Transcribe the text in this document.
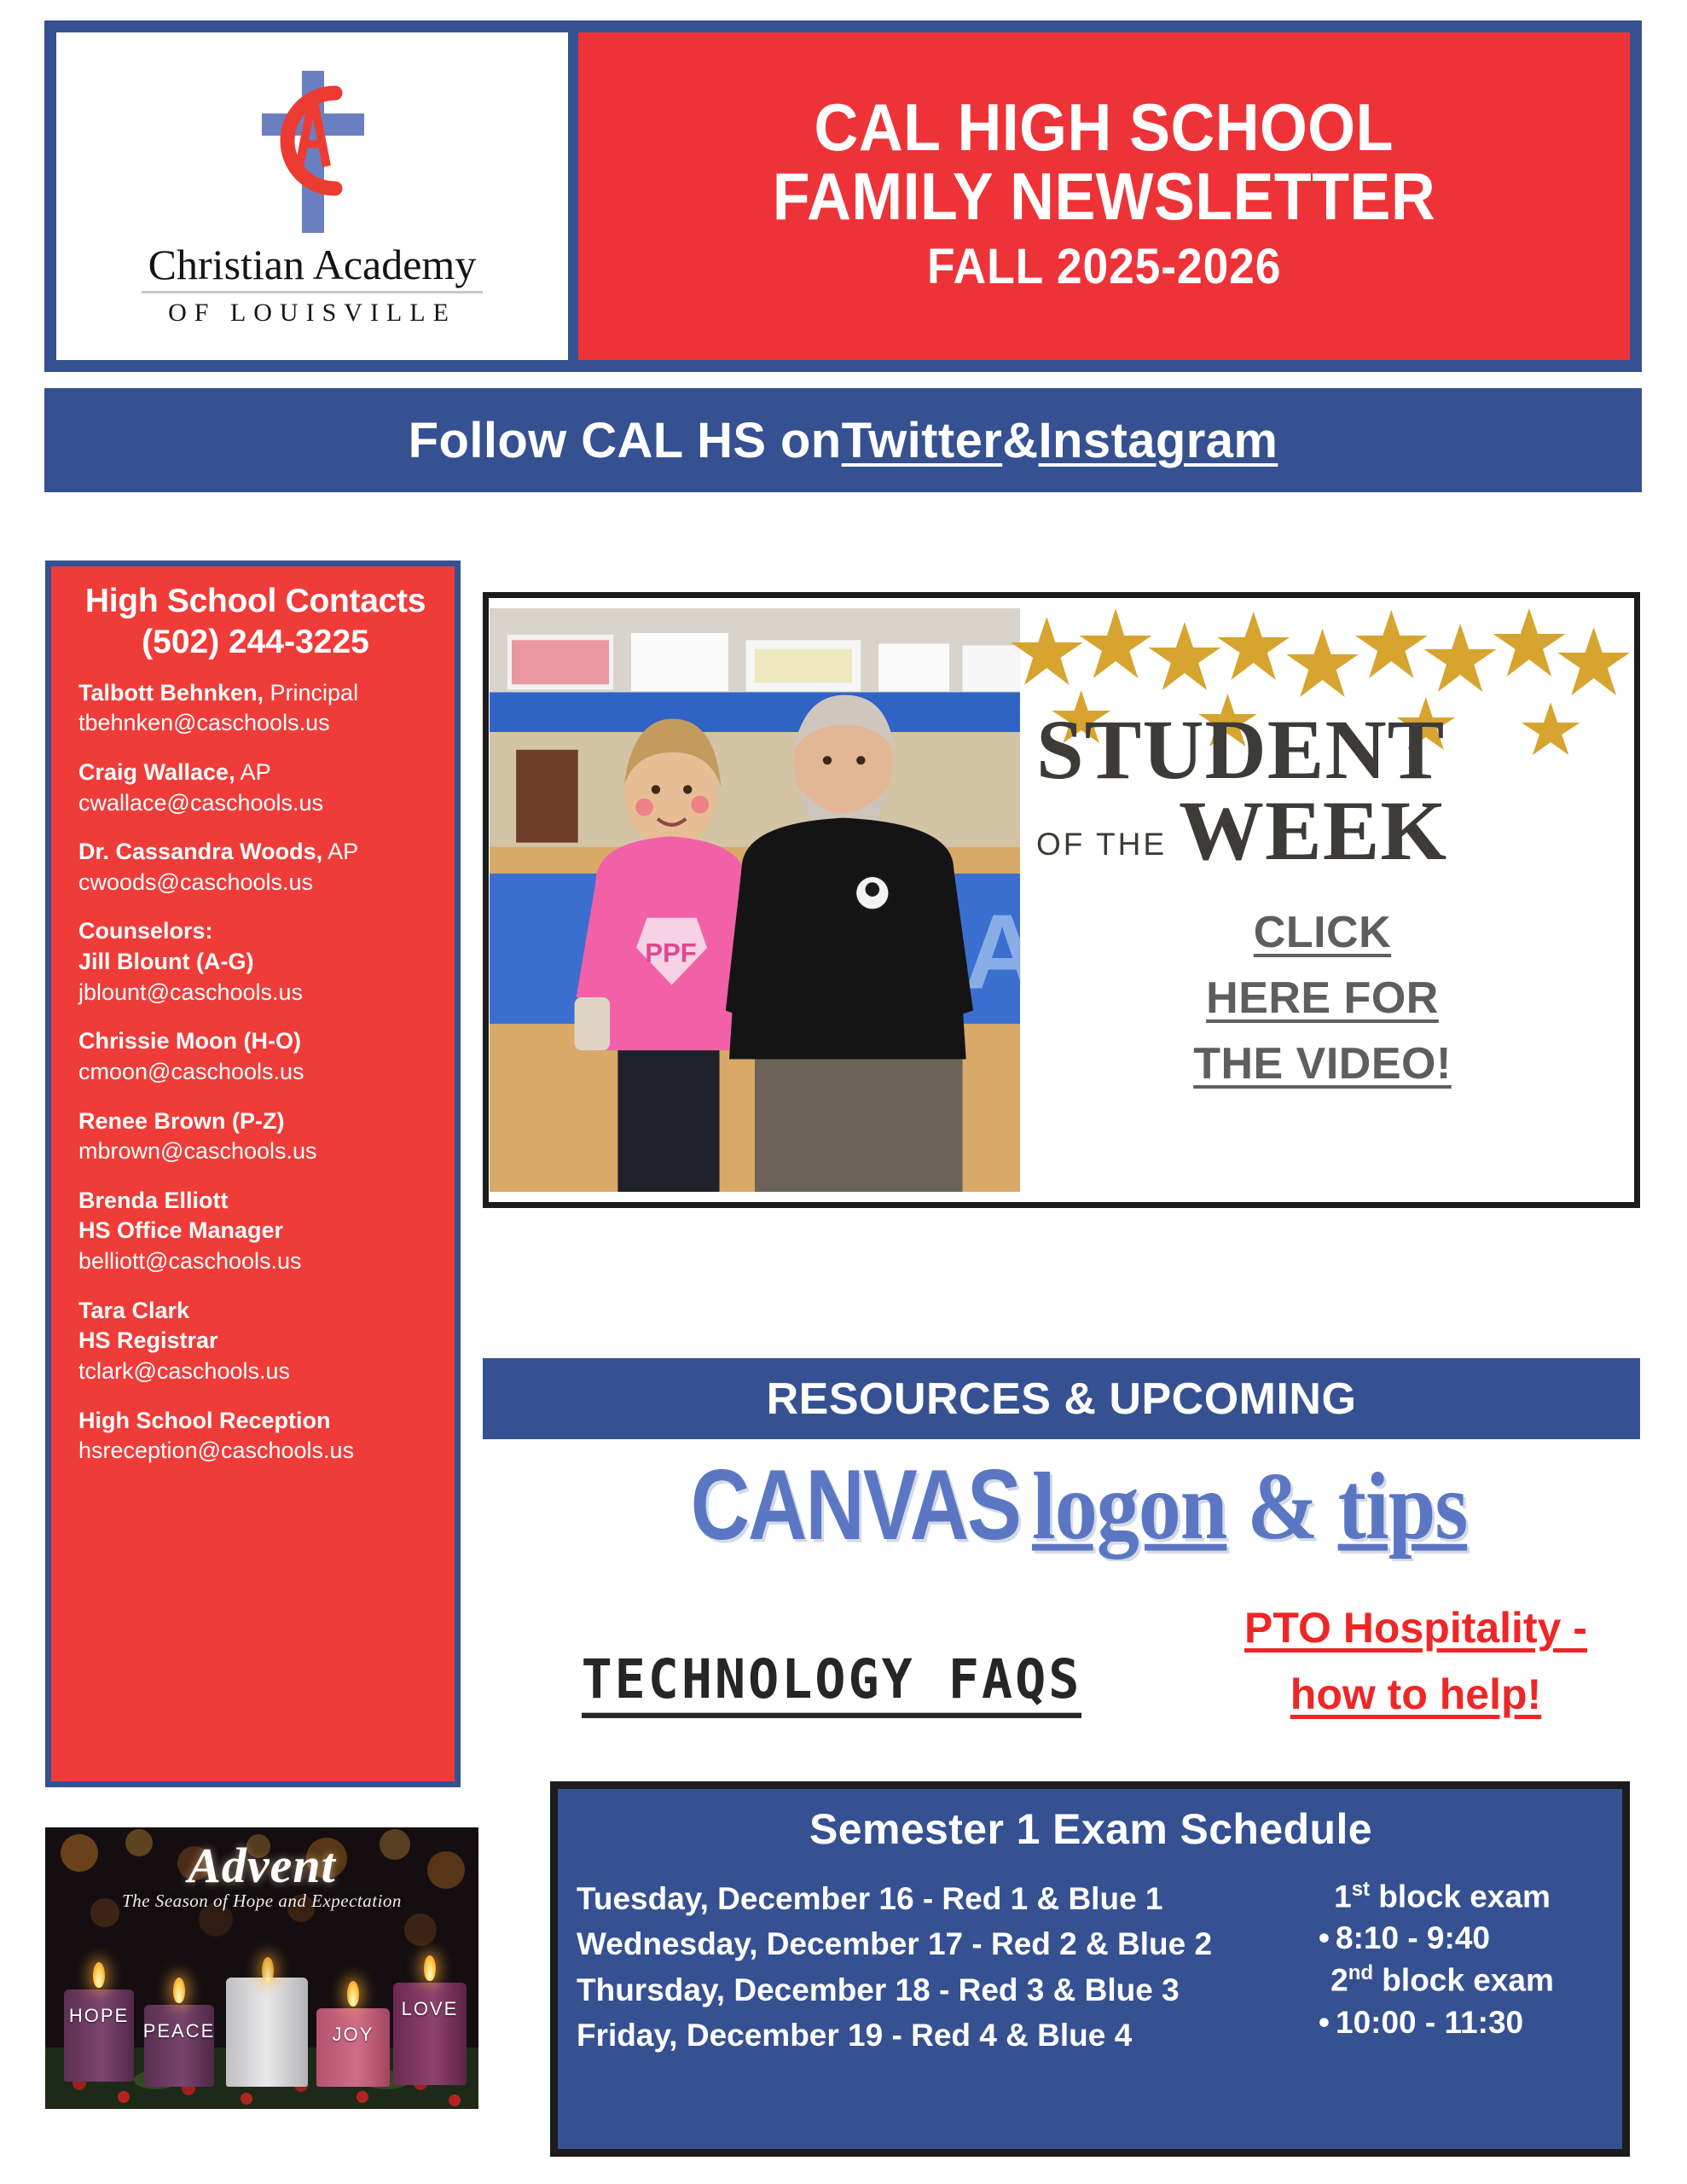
Christian Academy
OF LOUISVILLE
CAL HIGH SCHOOL
FAMILY NEWSLETTER
FALL 2025-2026
Follow CAL HS on Twitter & Instagram
High School Contacts
(502) 244-3225
Talbott Behnken, Principal
tbehnken@caschools.us
Craig Wallace, AP
cwallace@caschools.us
Dr. Cassandra Woods, AP
cwoods@caschools.us
Counselors:
Jill Blount (A-G)
jblount@caschools.us
Chrissie Moon (H-O)
cmoon@caschools.us
Renee Brown (P-Z)
mbrown@caschools.us
Brenda Elliott
HS Office Manager
belliott@caschools.us
Tara Clark
HS Registrar
tclark@caschools.us
High School Reception
hsreception@caschools.us
PPF
STUDENT
OF THE WEEK
CLICK
HERE FOR
THE VIDEO!
RESOURCES & UPCOMING
CANVAS logon & tips
TECHNOLOGY FAQS
PTO Hospitality -
how to help!
Semester 1 Exam Schedule
Tuesday, December 16 - Red 1 & Blue 1
Wednesday, December 17 - Red 2 & Blue 2
Thursday, December 18 - Red 3 & Blue 3
Friday, December 19 - Red 4 & Blue 4
1st block exam
• 8:10 - 9:40
2nd block exam
• 10:00 - 11:30
HOPE
PEACE	JOY
LOVE
Advent
The Season of Hope and Expectation
